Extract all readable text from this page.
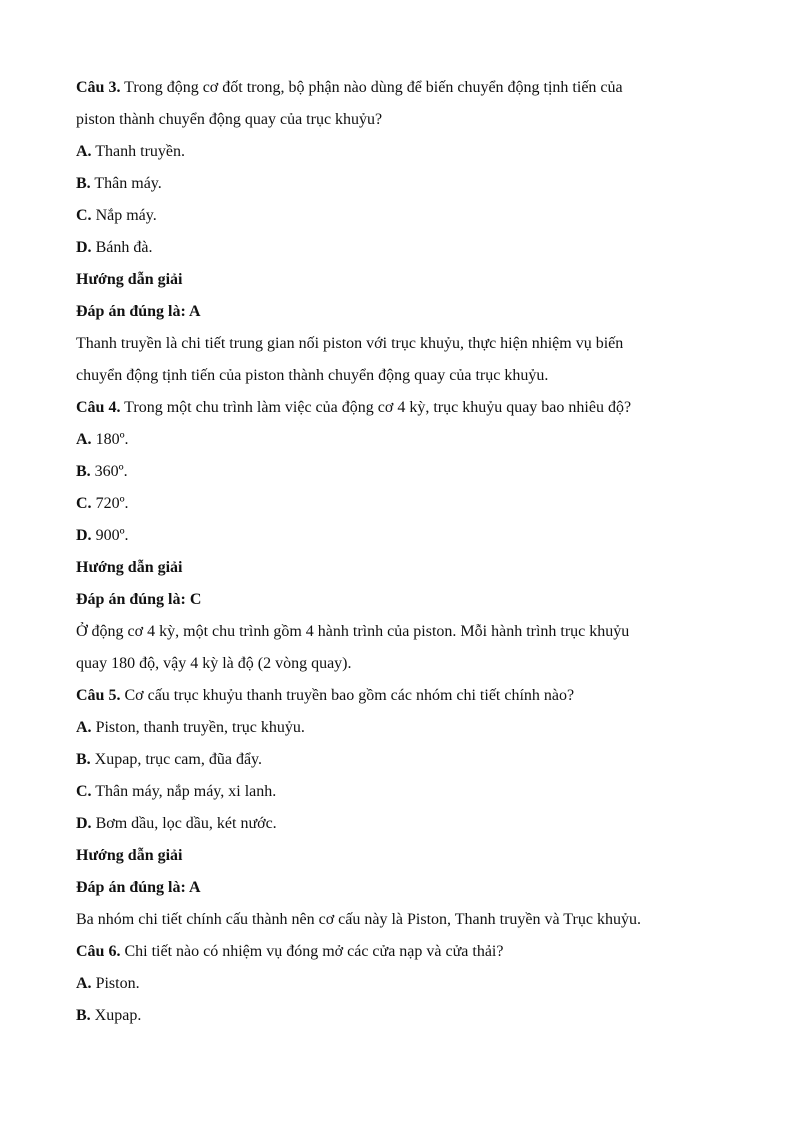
Câu 3. Trong động cơ đốt trong, bộ phận nào dùng để biến chuyển động tịnh tiến của
piston thành chuyển động quay của trục khuỷu?
A. Thanh truyền.
B. Thân máy.
C. Nắp máy.
D. Bánh đà.
Hướng dẫn giải
Đáp án đúng là: A
Thanh truyền là chi tiết trung gian nối piston với trục khuỷu, thực hiện nhiệm vụ biến
chuyển động tịnh tiến của piston thành chuyển động quay của trục khuỷu.
Câu 4. Trong một chu trình làm việc của động cơ 4 kỳ, trục khuỷu quay bao nhiêu độ?
A. 180º.
B. 360º.
C. 720º.
D. 900º.
Hướng dẫn giải
Đáp án đúng là: C
Ở động cơ 4 kỳ, một chu trình gồm 4 hành trình của piston. Mỗi hành trình trục khuỷu
quay 180 độ, vậy 4 kỳ là độ (2 vòng quay).
Câu 5. Cơ cấu trục khuỷu thanh truyền bao gồm các nhóm chi tiết chính nào?
A. Piston, thanh truyền, trục khuỷu.
B. Xupap, trục cam, đũa đẩy.
C. Thân máy, nắp máy, xi lanh.
D. Bơm dầu, lọc dầu, két nước.
Hướng dẫn giải
Đáp án đúng là: A
Ba nhóm chi tiết chính cấu thành nên cơ cấu này là Piston, Thanh truyền và Trục khuỷu.
Câu 6. Chi tiết nào có nhiệm vụ đóng mở các cửa nạp và cửa thải?
A. Piston.
B. Xupap.
